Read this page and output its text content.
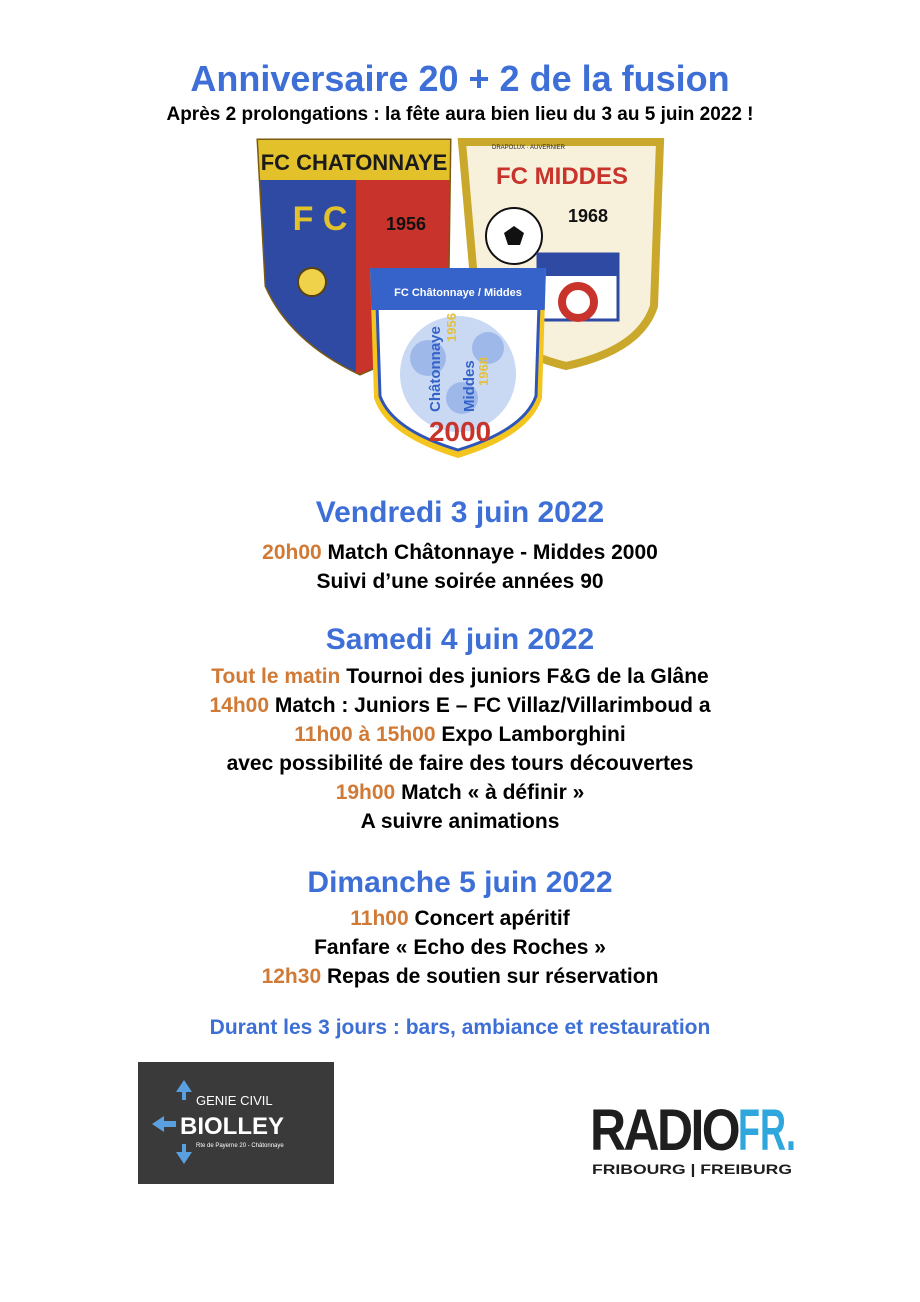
Anniversaire 20 + 2 de la fusion
Après 2 prolongations : la fête aura bien lieu du 3 au 5 juin 2022 !
FC CHATONNAYE
1956
F C
DRAPOLUX · AUVERNIER
FC MIDDES
1968
FC Châtonnaye / Middes
Châtonnaye 1956
Middes
1968
2000
Vendredi 3 juin 2022
20h00 Match Châtonnaye - Middes 2000
Suivi d’une soirée années 90
Samedi 4 juin 2022
Tout le matin Tournoi des juniors F&G de la Glâne
14h00 Match : Juniors E – FC Villaz/Villarimboud a
11h00 à 15h00 Expo Lamborghini
avec possibilité de faire des tours découvertes
19h00 Match « à définir »
A suivre animations
Dimanche 5 juin 2022
11h00 Concert apéritif
Fanfare « Echo des Roches »
12h30 Repas de soutien sur réservation
Durant les 3 jours : bars, ambiance et restauration
GENIE CIVIL
BIOLLEY
Rte de Payerne 20 - Châtonnaye	RADIO FR.
FRIBOURG | FREIBURG
